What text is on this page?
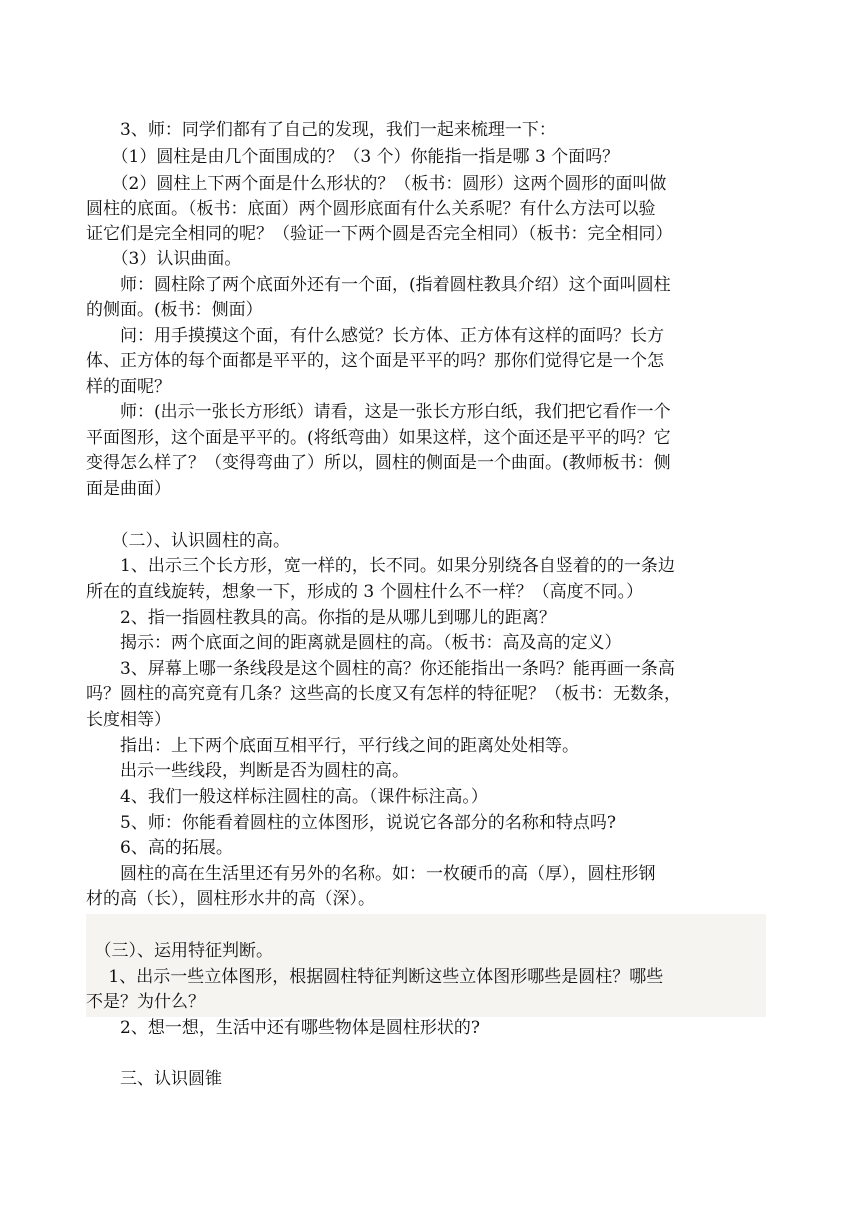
　　3、师：同学们都有了自己的发现，我们一起来梳理一下：
　　（1）圆柱是由几个面围成的？（3 个）你能指一指是哪 3 个面吗？
　　（2）圆柱上下两个面是什么形状的？（板书：圆形）这两个圆形的面叫做
圆柱的底面。（板书：底面）两个圆形底面有什么关系呢？有什么方法可以验
证它们是完全相同的呢？（验证一下两个圆是否完全相同）（板书：完全相同）
　　（3）认识曲面。
　　师：圆柱除了两个底面外还有一个面，(指着圆柱教具介绍）这个面叫圆柱
的侧面。(板书：侧面）
　　问：用手摸摸这个面，有什么感觉？长方体、正方体有这样的面吗？长方
体、正方体的每个面都是平平的，这个面是平平的吗？那你们觉得它是一个怎
样的面呢？
　　师：(出示一张长方形纸）请看，这是一张长方形白纸，我们把它看作一个
平面图形，这个面是平平的。(将纸弯曲）如果这样，这个面还是平平的吗？它
变得怎么样了？（变得弯曲了）所以，圆柱的侧面是一个曲面。(教师板书：侧
面是曲面）
　　（二）、认识圆柱的高。
　　1、出示三个长方形，宽一样的，长不同。如果分别绕各自竖着的的一条边
所在的直线旋转，想象一下，形成的 3 个圆柱什么不一样？（高度不同。）
　　2、指一指圆柱教具的高。你指的是从哪儿到哪儿的距离？
　　揭示：两个底面之间的距离就是圆柱的高。（板书：高及高的定义）
　　3、屏幕上哪一条线段是这个圆柱的高？你还能指出一条吗？能再画一条高
吗？圆柱的高究竟有几条？这些高的长度又有怎样的特征呢？（板书：无数条，
长度相等）
　　指出：上下两个底面互相平行，平行线之间的距离处处相等。
　　出示一些线段，判断是否为圆柱的高。
　　4、我们一般这样标注圆柱的高。（课件标注高。）
　　5、师：你能看着圆柱的立体图形，说说它各部分的名称和特点吗?
　　6、高的拓展。
　　圆柱的高在生活里还有另外的名称。如：一枚硬币的高（厚），圆柱形钢
材的高（长），圆柱形水井的高（深）。
　（三）、运用特征判断。
　 1、出示一些立体图形，根据圆柱特征判断这些立体图形哪些是圆柱？哪些
不是？为什么？
　　2、想一想，生活中还有哪些物体是圆柱形状的?
　　三、认识圆锥
